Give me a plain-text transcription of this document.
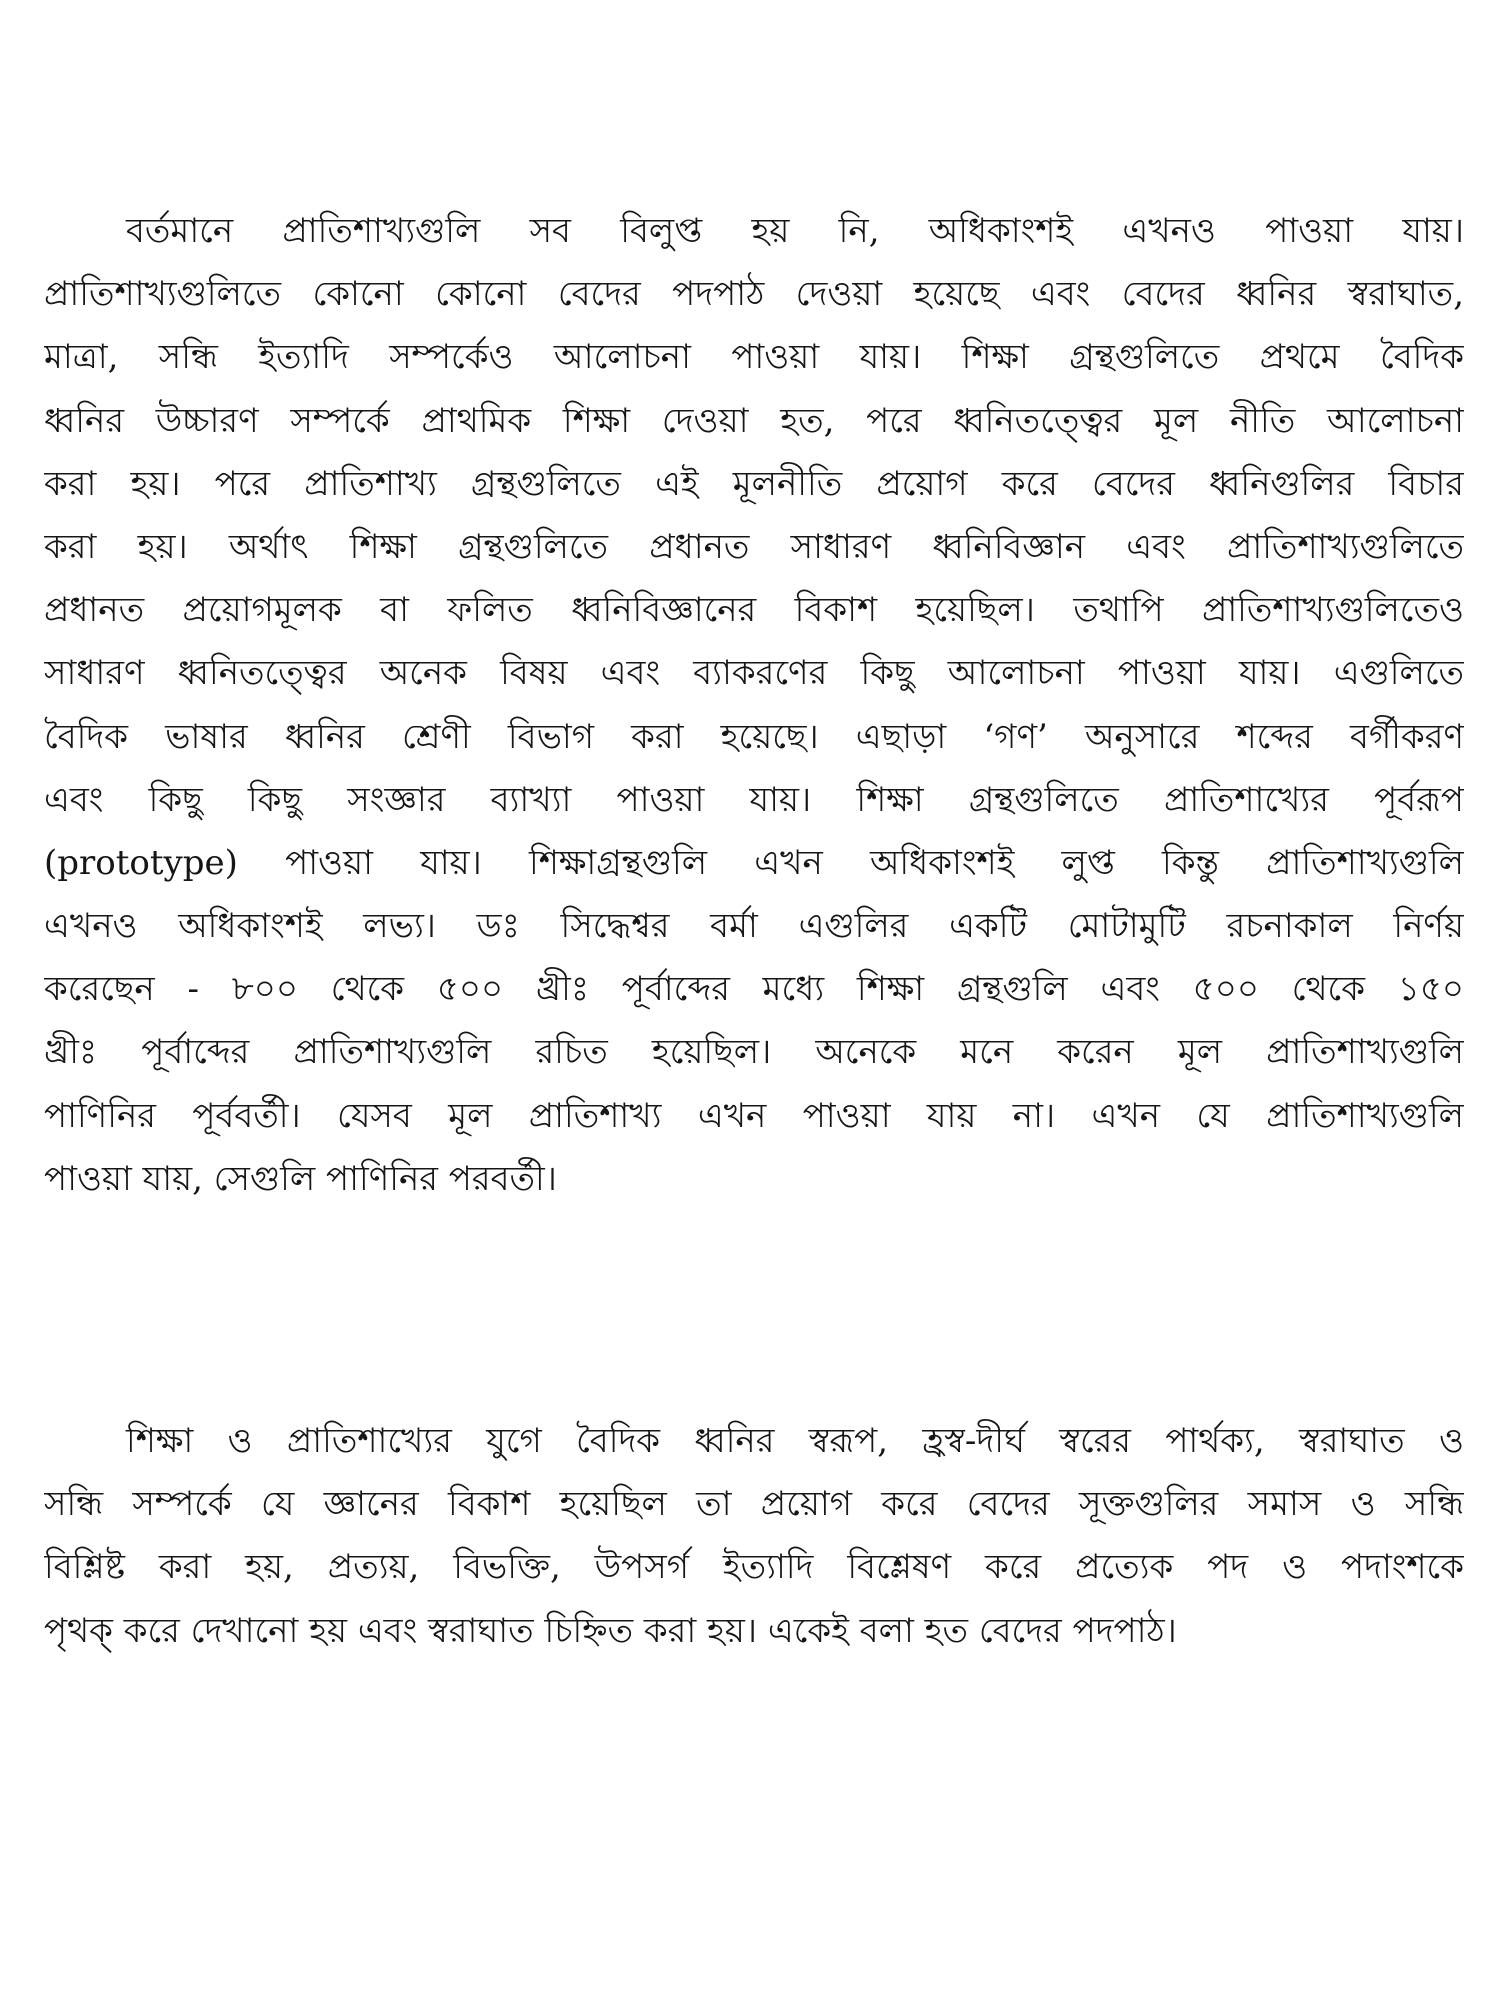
বর্তমানে প্রাতিশাখ্যগুলি সব বিলুপ্ত হয় নি, অধিকাংশই এখনও পাওয়া যায়।
প্রাতিশাখ্যগুলিতে কোনো কোনো বেদের পদপাঠ দেওয়া হয়েছে এবং বেদের ধ্বনির স্বরাঘাত,
মাত্রা, সন্ধি ইত্যাদি সম্পর্কেও আলোচনা পাওয়া যায়। শিক্ষা গ্রন্থগুলিতে প্রথমে বৈদিক
ধ্বনির উচ্চারণ সম্পর্কে প্রাথমিক শিক্ষা দেওয়া হত, পরে ধ্বনিতত্ত্বের মূল নীতি আলোচনা
করা হয়। পরে প্রাতিশাখ্য গ্রন্থগুলিতে এই মূলনীতি প্রয়োগ করে বেদের ধ্বনিগুলির বিচার
করা হয়। অর্থাৎ শিক্ষা গ্রন্থগুলিতে প্রধানত সাধারণ ধ্বনিবিজ্ঞান এবং প্রাতিশাখ্যগুলিতে
প্রধানত প্রয়োগমূলক বা ফলিত ধ্বনিবিজ্ঞানের বিকাশ হয়েছিল। তথাপি প্রাতিশাখ্যগুলিতেও
সাধারণ ধ্বনিতত্ত্বের অনেক বিষয় এবং ব্যাকরণের কিছু আলোচনা পাওয়া যায়। এগুলিতে
বৈদিক ভাষার ধ্বনির শ্রেণী বিভাগ করা হয়েছে। এছাড়া ‘গণ’ অনুসারে শব্দের বর্গীকরণ
এবং কিছু কিছু সংজ্ঞার ব্যাখ্যা পাওয়া যায়। শিক্ষা গ্রন্থগুলিতে প্রাতিশাখ্যের পূর্বরূপ
(prototype) পাওয়া যায়। শিক্ষাগ্রন্থগুলি এখন অধিকাংশই লুপ্ত কিন্তু প্রাতিশাখ্যগুলি
এখনও অধিকাংশই লভ্য। ডঃ সিদ্ধেশ্বর বর্মা এগুলির একটি মোটামুটি রচনাকাল নির্ণয়
করেছেন - ৮০০ থেকে ৫০০ খ্রীঃ পূর্বাব্দের মধ্যে শিক্ষা গ্রন্থগুলি এবং ৫০০ থেকে ১৫০
খ্রীঃ পূর্বাব্দের প্রাতিশাখ্যগুলি রচিত হয়েছিল। অনেকে মনে করেন মূল প্রাতিশাখ্যগুলি
পাণিনির পূর্ববর্তী। যেসব মূল প্রাতিশাখ্য এখন পাওয়া যায় না। এখন যে প্রাতিশাখ্যগুলি
পাওয়া যায়, সেগুলি পাণিনির পরবর্তী।
শিক্ষা ও প্রাতিশাখ্যের যুগে বৈদিক ধ্বনির স্বরূপ, হ্রস্ব-দীর্ঘ স্বরের পার্থক্য, স্বরাঘাত ও
সন্ধি সম্পর্কে যে জ্ঞানের বিকাশ হয়েছিল তা প্রয়োগ করে বেদের সূক্তগুলির সমাস ও সন্ধি
বিশ্লিষ্ট করা হয়, প্রত্যয়, বিভক্তি, উপসর্গ ইত্যাদি বিশ্লেষণ করে প্রত্যেক পদ ও পদাংশকে
পৃথক্ করে দেখানো হয় এবং স্বরাঘাত চিহ্নিত করা হয়। একেই বলা হত বেদের পদপাঠ।
